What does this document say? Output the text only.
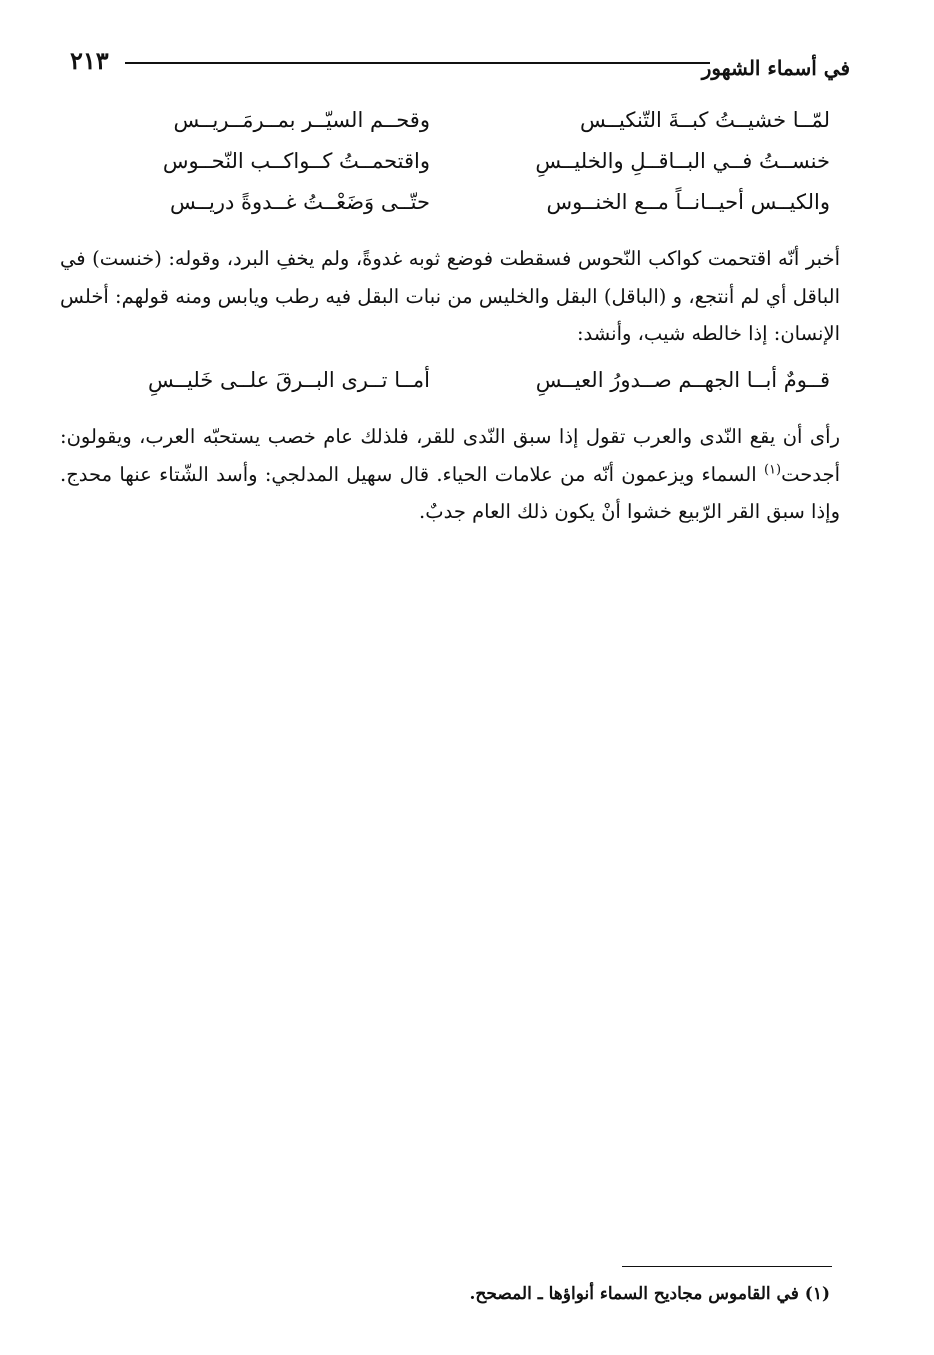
في أسماء الشهور
٢١٣
لمّــا خشيــتُ كبــةَ التّنكيــس
وقحــم السيّــر بمــرمَــريــس
خنســتُ فــي البــاقــلِ والخليــسِ
واقتحمــتُ كــواكــب النّحــوس
والكيــس أحيــانــاً مــع الخنــوس
حتّــى وَضَعْــتُ غــدوةً دريــس

أخبر أنّه اقتحمت كواكب النّحوس فسقطت فوضع ثوبه غدوةً، ولم يخفِ البرد، وقوله: (خنست) في الباقل أي لم أنتجع، و (الباقل) البقل والخليس من نبات البقل فيه رطب ويابس ومنه قولهم: أخلس الإنسان: إذا خالطه شيب، وأنشد:

قــومٌ أبــا الجهــم صــدورُ العيــسِ
أمــا تــرى البــرقَ علــى خَليــسِ

رأى أن يقع النّدى والعرب تقول إذا سبق النّدى للقر، فلذلك عام خصب يستحبّه العرب، ويقولون: أجدحت$^{(١)}$ السماء ويزعمون أنّه من علامات الحياء. قال سهيل المدلجي: وأسد الشّتاء عنها محدج. وإذا سبق القر الرّبيع خشوا أنْ يكون ذلك العام جدبٌ.

(١) في القاموس مجاديح السماء أنواؤها ـ المصحح.
